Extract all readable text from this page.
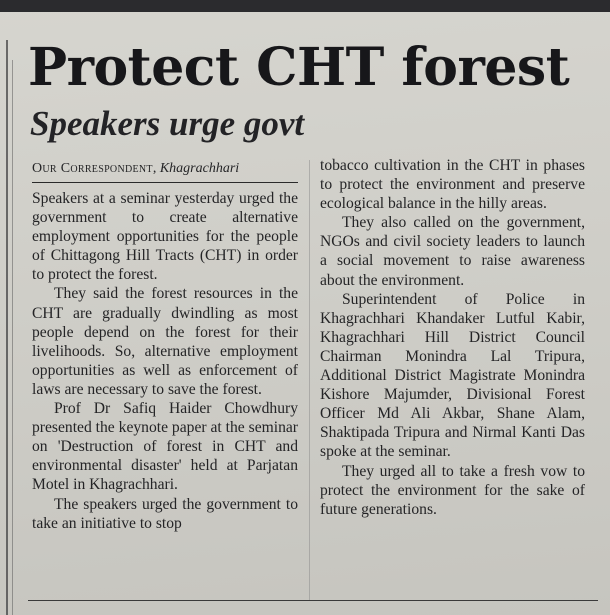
Protect CHT forest
Speakers urge govt
Our Correspondent, Khagrachhari

Speakers at a seminar yesterday urged the government to create alternative employment opportunities for the people of Chittagong Hill Tracts (CHT) in order to protect the forest.

They said the forest resources in the CHT are gradually dwindling as most people depend on the forest for their livelihoods. So, alternative employment opportunities as well as enforcement of laws are necessary to save the forest.

Prof Dr Safiq Haider Chowdhury presented the keynote paper at the seminar on 'Destruction of forest in CHT and environmental disaster' held at Parjatan Motel in Khagrachhari.

The speakers urged the government to take an initiative to stop

tobacco cultivation in the CHT in phases to protect the environment and preserve ecological balance in the hilly areas.

They also called on the government, NGOs and civil society leaders to launch a social movement to raise awareness about the environment.

Superintendent of Police in Khagrachhari Khandaker Lutful Kabir, Khagrachhari Hill District Council Chairman Monindra Lal Tripura, Additional District Magistrate Monindra Kishore Majumder, Divisional Forest Officer Md Ali Akbar, Shane Alam, Shaktipada Tripura and Nirmal Kanti Das spoke at the seminar.

They urged all to take a fresh vow to protect the environment for the sake of future generations.
